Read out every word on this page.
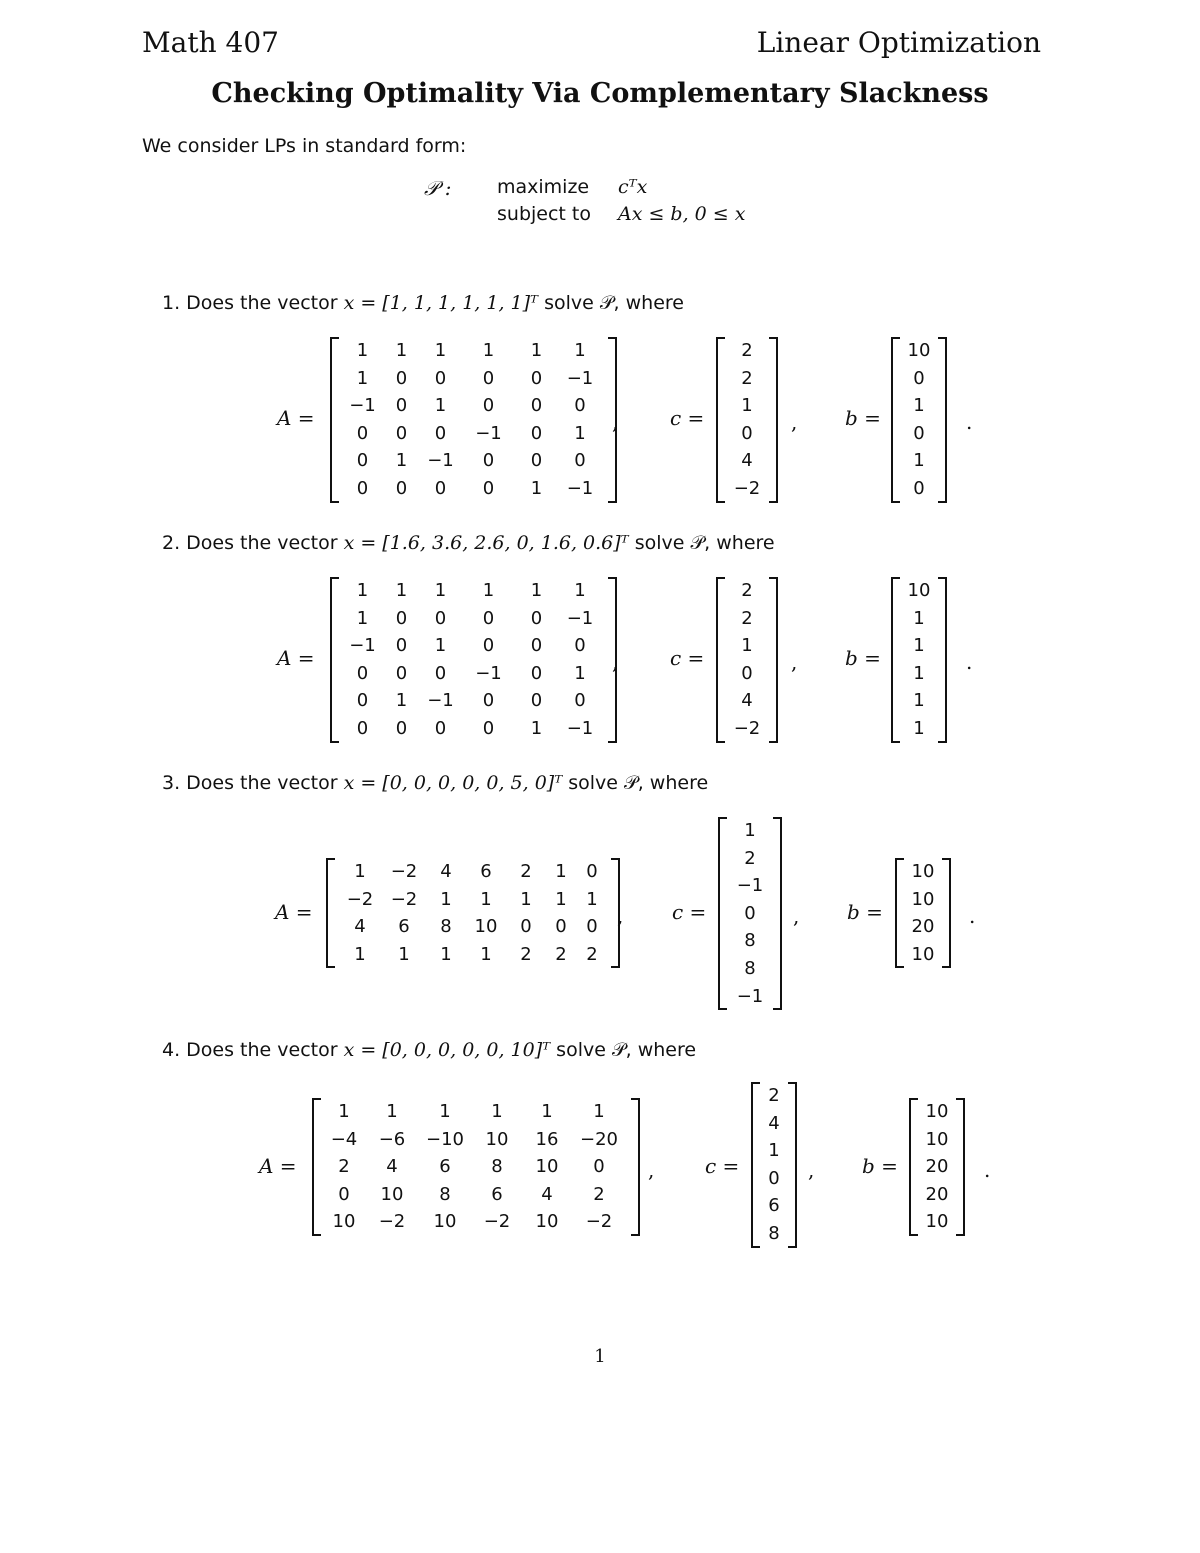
Math 407	Linear Optimization
Checking Optimality Via Complementary Slackness
We consider LPs in standard form:
𝒫 : maximize cᵀx
subject to Ax ≤ b, 0 ≤ x
1. Does the vector x = [1, 1, 1, 1, 1, 1]ᵀ solve 𝒫, where
A =
1	1	1	1	1	1
1	0	0	0	0	−1
−1	0	1	0	0	0
0	0	0	−1	0	1
0	1	−1	0	0	0
0	0	0	0	1	−1
,	c =
2
2
1
0
4
−2
, b =
10
0
1
0
1
0
.
2. Does the vector x = [1.6, 3.6, 2.6, 0, 1.6, 0.6]ᵀ solve 𝒫, where
A =
1	1	1	1	1	1
1	0	0	0	0	−1
−1	0	1	0	0	0
0	0	0	−1	0	1
0	1	−1	0	0	0
0	0	0	0	1	−1
,	c =
2
2
1
0
4
−2
, b =
10
1
1
1
1
1
.
3. Does the vector x = [0, 0, 0, 0, 0, 5, 0]ᵀ solve 𝒫, where
A =
1	−2	4	6	2	1	0
−2	−2	1	1	1	1	1
4	6	8	10	0	0	0
1	1	1	1	2	2	2
, c =
1
2
−1
0
8
8
−1
, b =
10
10
20
10
.
4. Does the vector x = [0, 0, 0, 0, 0, 10]ᵀ solve 𝒫, where
A =
1	1	1	1	1	1
−4	−6	−10	10	16	−20
2	4	6	8	10	0
0	10	8	6	4	2
10	−2	10	−2	10	−2
,	c =
2
4
1
0
6
8
, b =
10
10
20
20
10
.
1
